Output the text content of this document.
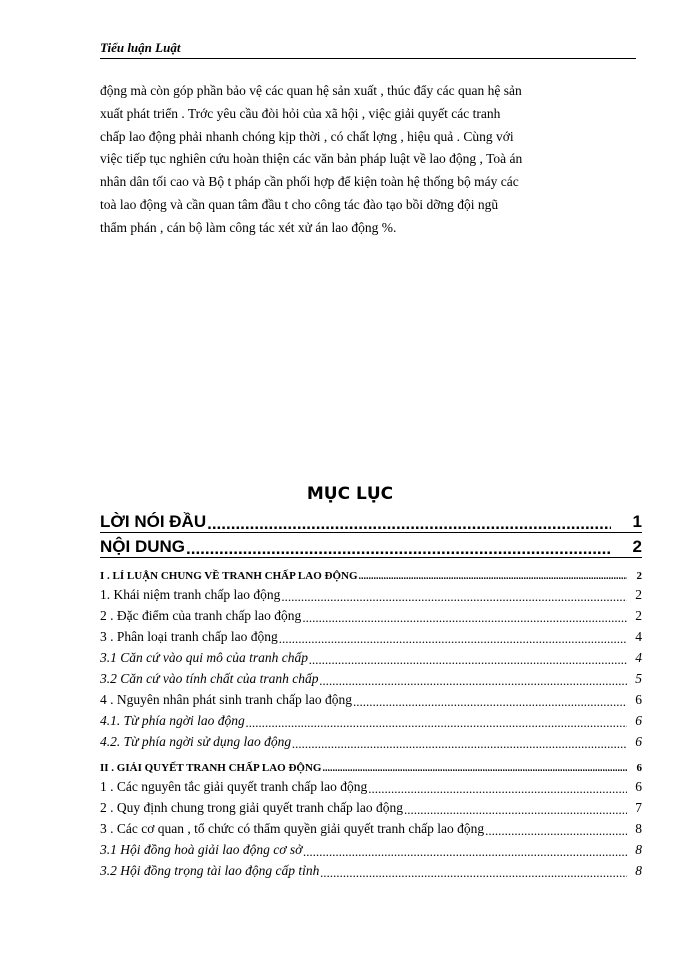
Tiểu luận Luật
động mà còn góp phần bảo vệ các quan hệ sản xuất , thúc đẩy các quan hệ sản
xuất phát triển . Trớc yêu cầu đòi hỏi của xã hội , việc giải quyết các tranh
chấp lao động phải nhanh chóng kịp thời , có chất lợng , hiệu quả . Cùng với
việc tiếp tục nghiên cứu hoàn thiện các văn bản pháp luật về lao động , Toà án
nhân dân tối cao và Bộ t pháp cần phối hợp để kiện toàn hệ thống bộ máy các
toà lao động và cần quan tâm đầu t cho công tác đào tạo bồi dỡng đội ngũ
thẩm phán , cán bộ làm công tác xét xử án lao động %.
MỤC LỤC
LỜI NÓI ĐẦU .....	1
NỘI DUNG .....	2
I . LÍ LUẬN CHUNG VỀ TRANH CHẤP LAO ĐỘNG .....	2
1. Khái niệm tranh chấp lao động .....	2
2 . Đặc điểm của tranh chấp lao động .....	2
3 . Phân loại tranh chấp lao động .....	4
3.1 Căn cứ vào qui mô của tranh chấp .....	4
3.2 Căn cứ vào tính chất của tranh chấp .....	5
4 . Nguyên nhân phát sinh tranh chấp lao động .....	6
4.1. Từ phía ngời lao động .....	6
4.2. Từ phía ngời sử dụng lao động .....	6
II . GIẢI QUYẾT TRANH CHẤP LAO ĐỘNG .....	6
1 . Các nguyên tắc giải quyết tranh chấp lao động .....	6
2 . Quy định chung trong giải quyết tranh chấp lao động .....	7
3 . Các cơ quan , tổ chức có thẩm quyền giải quyết tranh chấp lao động .....	8
3.1 Hội đồng hoà giải lao động cơ sở .....	8
3.2 Hội đồng trọng tài lao động cấp tỉnh .....	8
